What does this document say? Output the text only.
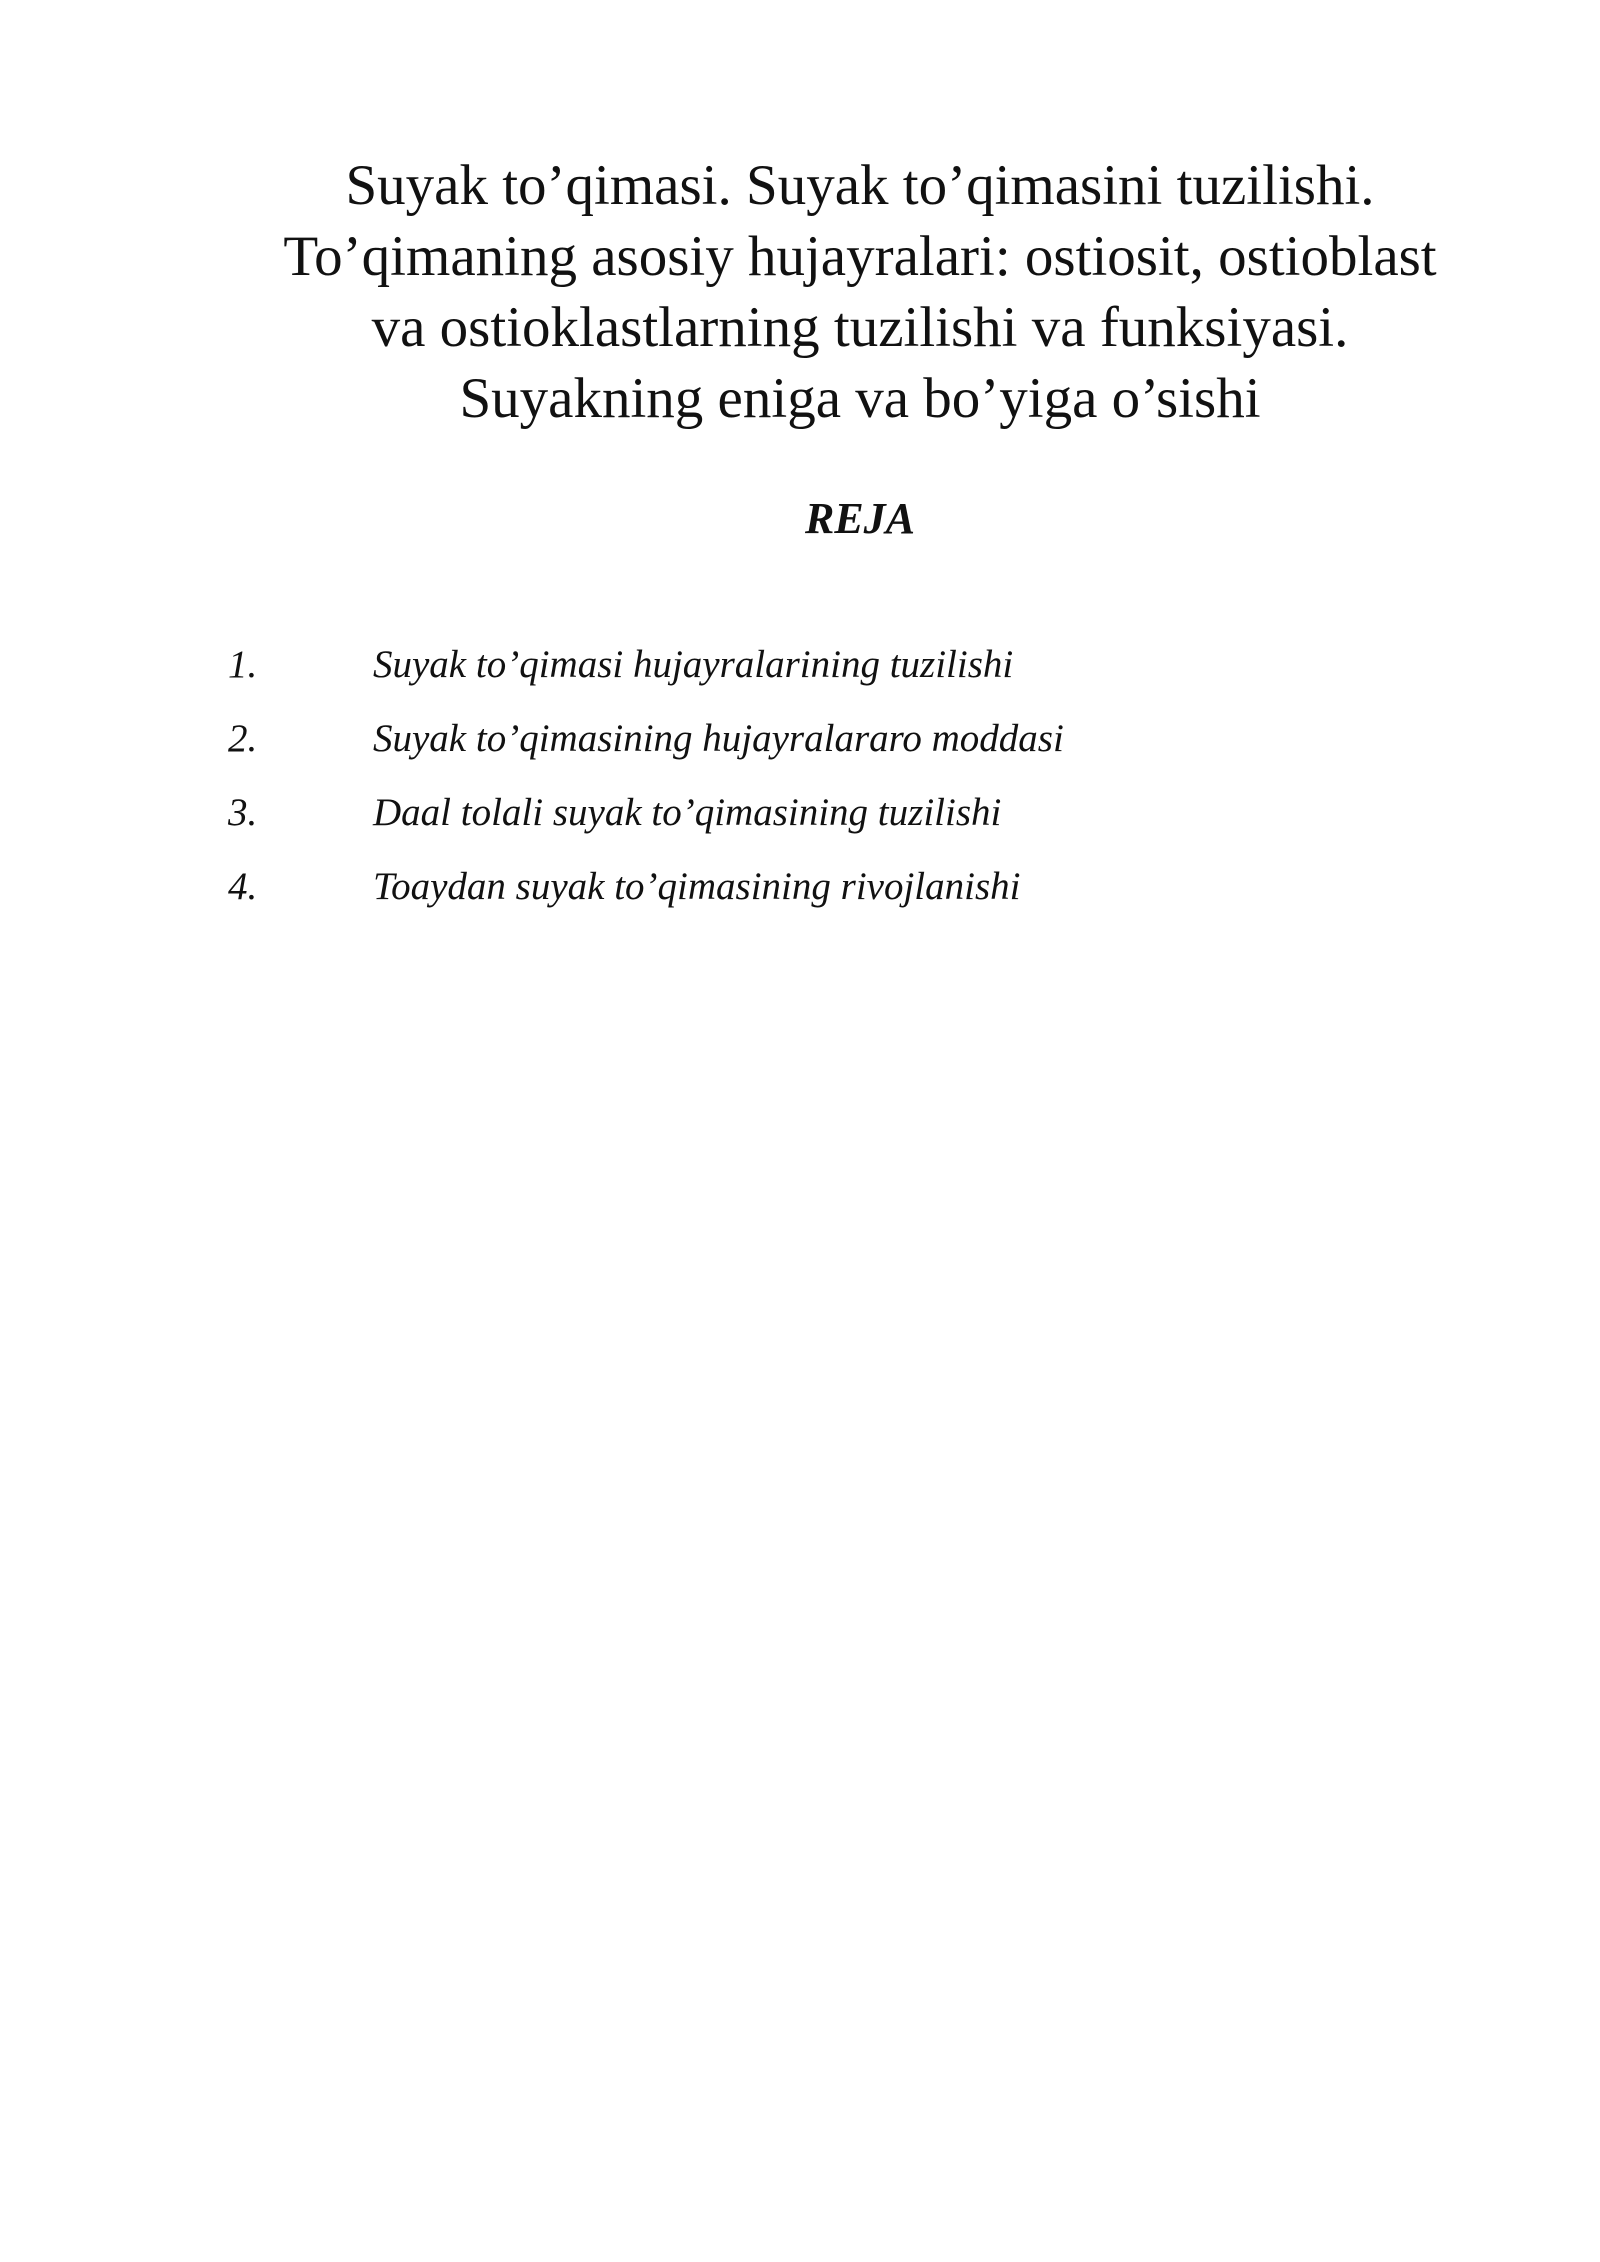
Suyak to’qimasi. Suyak to’qimasini tuzilishi.
To’qimaning asosiy hujayralari: ostiosit, ostioblast
va ostioklastlarning tuzilishi va funksiyasi.
Suyakning eniga va bo’yiga o’sishi
REJA
1.	Suyak to’qimasi hujayralarining tuzilishi
2.	Suyak to’qimasining hujayralararo moddasi
3.	Daal tolali suyak to’qimasining tuzilishi
4.	Toaydan suyak to’qimasining rivojlanishi
